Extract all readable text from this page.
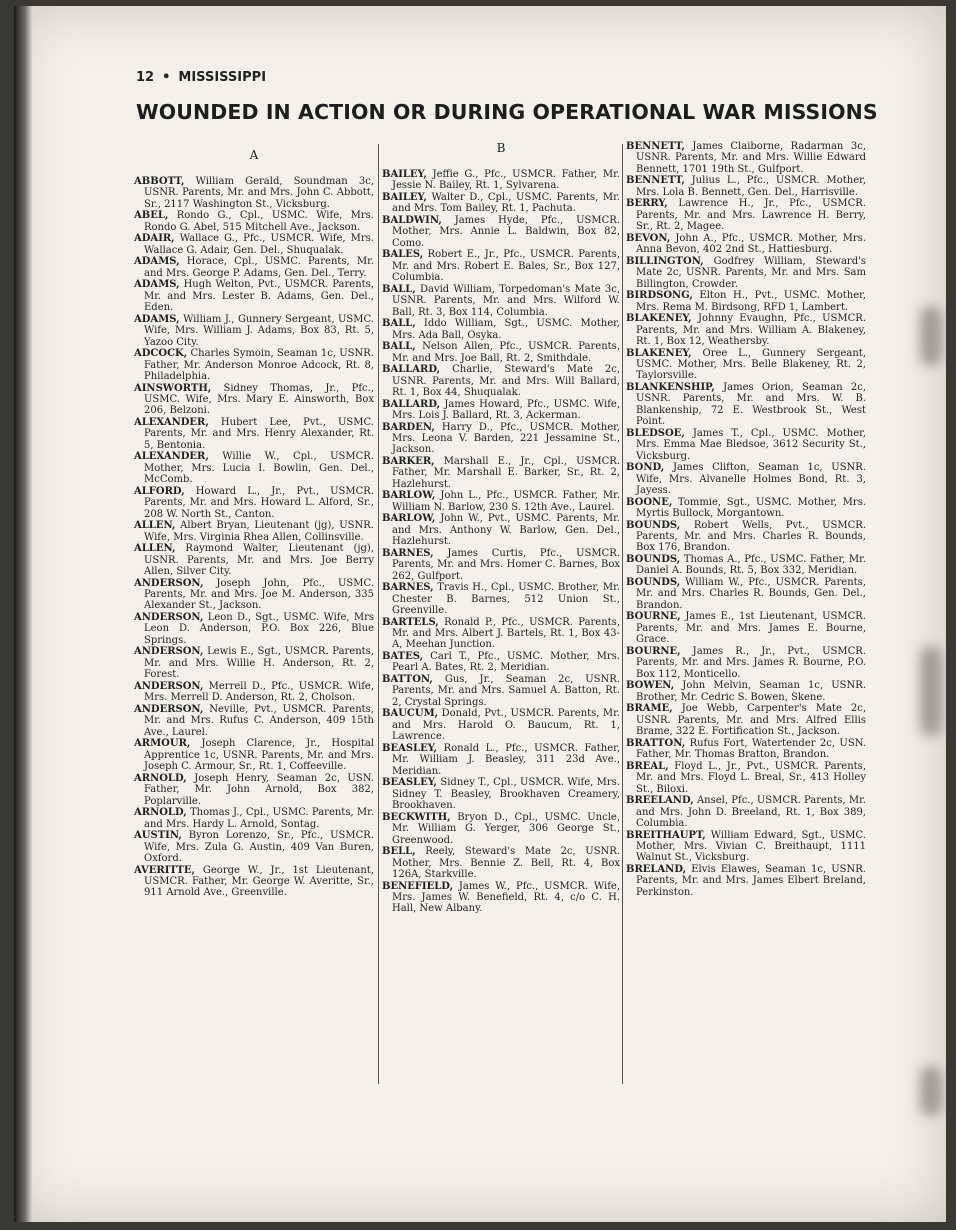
12 • MISSISSIPPI
WOUNDED IN ACTION OR DURING OPERATIONAL WAR MISSIONS
A
ABBOTT, William Gerald, Soundman 3c, USNR. Parents, Mr. and Mrs. John C. Abbott, Sr., 2117 Washington St., Vicksburg.
ABEL, Rondo G., Cpl., USMC. Wife, Mrs. Rondo G. Abel, 515 Mitchell Ave., Jackson.
ADAIR, Wallace G., Pfc., USMCR. Wife, Mrs. Wallace G. Adair, Gen. Del., Shuqualak.
ADAMS, Horace, Cpl., USMC. Parents, Mr. and Mrs. George P. Adams, Gen. Del., Terry.
ADAMS, Hugh Welton, Pvt., USMCR. Parents, Mr. and Mrs. Lester B. Adams, Gen. Del., Eden.
ADAMS, William J., Gunnery Sergeant, USMC. Wife, Mrs. William J. Adams, Box 83, Rt. 5, Yazoo City.
ADCOCK, Charles Symoin, Seaman 1c, USNR. Father, Mr. Anderson Monroe Adcock, Rt. 8, Philadelphia.
AINSWORTH, Sidney Thomas, Jr., Pfc., USMC. Wife, Mrs. Mary E. Ainsworth, Box 206, Belzoni.
ALEXANDER, Hubert Lee, Pvt., USMC. Parents, Mr. and Mrs. Henry Alexander, Rt. 5, Bentonia.
ALEXANDER, Willie W., Cpl., USMCR. Mother, Mrs. Lucia I. Bowlin, Gen. Del., McComb.
ALFORD, Howard L., Jr., Pvt., USMCR. Parents, Mr. and Mrs. Howard L. Alford, Sr., 208 W. North St., Canton.
ALLEN, Albert Bryan, Lieutenant (jg), USNR. Wife, Mrs. Virginia Rhea Allen, Collinsville.
ALLEN, Raymond Walter, Lieutenant (jg), USNR. Parents, Mr. and Mrs. Joe Berry Allen, Silver City.
ANDERSON, Joseph John, Pfc., USMC. Parents, Mr. and Mrs. Joe M. Anderson, 335 Alexander St., Jackson.
ANDERSON, Leon D., Sgt., USMC. Wife, Mrs Leon D. Anderson, P.O. Box 226, Blue Springs.
ANDERSON, Lewis E., Sgt., USMCR. Parents, Mr. and Mrs. Willie H. Anderson, Rt. 2, Forest.
ANDERSON, Merrell D., Pfc., USMCR. Wife, Mrs. Merrell D. Anderson, Rt. 2, Cholson.
ANDERSON, Neville, Pvt., USMCR. Parents, Mr. and Mrs. Rufus C. Anderson, 409 15th Ave., Laurel.
ARMOUR, Joseph Clarence, Jr., Hospital Apprentice 1c, USNR. Parents, Mr. and Mrs. Joseph C. Armour, Sr., Rt. 1, Coffeeville.
ARNOLD, Joseph Henry, Seaman 2c, USN. Father, Mr. John Arnold, Box 382, Poplarville.
ARNOLD, Thomas J., Cpl., USMC. Parents, Mr. and Mrs. Hardy L. Arnold, Sontag.
AUSTIN, Byron Lorenzo, Sr., Pfc., USMCR. Wife, Mrs. Zula G. Austin, 409 Van Buren, Oxford.
AVERITTE, George W., Jr., 1st Lieutenant, USMCR. Father, Mr. George W. Averitte, Sr., 911 Arnold Ave., Greenville.
B
BAILEY, Jeffie G., Pfc., USMCR. Father, Mr. Jessie N. Bailey, Rt. 1, Sylvarena.
BAILEY, Walter D., Cpl., USMC. Parents, Mr. and Mrs. Tom Bailey, Rt. 1, Pachuta.
BALDWIN, James Hyde, Pfc., USMCR. Mother, Mrs. Annie L. Baldwin, Box 82, Como.
BALES, Robert E., Jr., Pfc., USMCR. Parents, Mr. and Mrs. Robert E. Bales, Sr., Box 127, Columbia.
BALL, David William, Torpedoman's Mate 3c, USNR. Parents, Mr. and Mrs. Wilford W. Ball, Rt. 3, Box 114, Columbia.
BALL, Iddo William, Sgt., USMC. Mother, Mrs. Ada Ball, Osyka.
BALL, Nelson Allen, Pfc., USMCR. Parents, Mr. and Mrs. Joe Ball, Rt. 2, Smithdale.
BALLARD, Charlie, Steward's Mate 2c, USNR. Parents, Mr. and Mrs. Will Ballard, Rt. 1, Box 44, Shuqualak.
BALLARD, James Howard, Pfc., USMC. Wife, Mrs. Lois J. Ballard, Rt. 3, Ackerman.
BARDEN, Harry D., Pfc., USMCR. Mother, Mrs. Leona V. Barden, 221 Jessamine St., Jackson.
BARKER, Marshall E., Jr., Cpl., USMCR. Father, Mr. Marshall E. Barker, Sr., Rt. 2, Hazlehurst.
BARLOW, John L., Pfc., USMCR. Father, Mr. William N. Barlow, 230 S. 12th Ave., Laurel.
BARLOW, John W., Pvt., USMC. Parents, Mr. and Mrs. Anthony W. Barlow, Gen. Del., Hazlehurst.
BARNES, James Curtis, Pfc., USMCR. Parents, Mr. and Mrs. Homer C. Barnes, Box 262, Gulfport.
BARNES, Travis H., Cpl., USMC. Brother, Mr. Chester B. Barnes, 512 Union St., Greenville.
BARTELS, Ronald P., Pfc., USMCR. Parents, Mr. and Mrs. Albert J. Bartels, Rt. 1, Box 43-A, Meehan Junction.
BATES, Carl T., Pfc., USMC. Mother, Mrs. Pearl A. Bates, Rt. 2, Meridian.
BATTON, Gus, Jr., Seaman 2c, USNR. Parents, Mr. and Mrs. Samuel A. Batton, Rt. 2, Crystal Springs.
BAUCUM, Donald, Pvt., USMCR. Parents, Mr. and Mrs. Harold O. Baucum, Rt. 1, Lawrence.
BEASLEY, Ronald L., Pfc., USMCR. Father, Mr. William J. Beasley, 311 23d Ave., Meridian.
BEASLEY, Sidney T., Cpl., USMCR. Wife, Mrs. Sidney T. Beasley, Brookhaven Creamery, Brookhaven.
BECKWITH, Bryon D., Cpl., USMC. Uncle, Mr. William G. Yerger, 306 George St., Greenwood.
BELL, Reely, Steward's Mate 2c, USNR. Mother, Mrs. Bennie Z. Bell, Rt. 4, Box 126A, Starkville.
BENEFIELD, James W., Pfc., USMCR. Wife, Mrs. James W. Benefield, Rt. 4, c/o C. H. Hall, New Albany.
BENNETT, James Claiborne, Radarman 3c, USNR. Parents, Mr. and Mrs. Willie Edward Bennett, 1701 19th St., Gulfport.
BENNETT, Julius L., Pfc., USMCR. Mother, Mrs. Lola B. Bennett, Gen. Del., Harrisville.
BERRY, Lawrence H., Jr., Pfc., USMCR. Parents, Mr. and Mrs. Lawrence H. Berry, Sr., Rt. 2, Magee.
BEVON, John A., Pfc., USMCR. Mother, Mrs. Anna Bevon, 402 2nd St., Hattiesburg.
BILLINGTON, Godfrey William, Steward's Mate 2c, USNR. Parents, Mr. and Mrs. Sam Billington, Crowder.
BIRDSONG, Elton H., Pvt., USMC. Mother, Mrs. Rema M. Birdsong, RFD 1, Lambert.
BLAKENEY, Johnny Evaughn, Pfc., USMCR. Parents, Mr. and Mrs. William A. Blakeney, Rt. 1, Box 12, Weathersby.
BLAKENEY, Oree L., Gunnery Sergeant, USMC. Mother, Mrs. Belle Blakeney, Rt. 2, Taylorsville.
BLANKENSHIP, James Orion, Seaman 2c, USNR. Parents, Mr. and Mrs. W. B. Blankenship, 72 E. Westbrook St., West Point.
BLEDSOE, James T., Cpl., USMC. Mother, Mrs. Emma Mae Bledsoe, 3612 Security St., Vicksburg.
BOND, James Clifton, Seaman 1c, USNR. Wife, Mrs. Alvanelle Holmes Bond, Rt. 3, Jayess.
BOONE, Tommie, Sgt., USMC. Mother, Mrs. Myrtis Bullock, Morgantown.
BOUNDS, Robert Wells, Pvt., USMCR. Parents, Mr. and Mrs. Charles R. Bounds, Box 176, Brandon.
BOUNDS, Thomas A., Pfc., USMC. Father, Mr. Daniel A. Bounds, Rt. 5, Box 332, Meridian.
BOUNDS, William W., Pfc., USMCR. Parents, Mr. and Mrs. Charles R. Bounds, Gen. Del., Brandon.
BOURNE, James E., 1st Lieutenant, USMCR. Parents, Mr. and Mrs. James E. Bourne, Grace.
BOURNE, James R., Jr., Pvt., USMCR. Parents, Mr. and Mrs. James R. Bourne, P.O. Box 112, Monticello.
BOWEN, John Melvin, Seaman 1c, USNR. Brother, Mr. Cedric S. Bowen, Skene.
BRAME, Joe Webb, Carpenter's Mate 2c, USNR. Parents, Mr. and Mrs. Alfred Ellis Brame, 322 E. Fortification St., Jackson.
BRATTON, Rufus Fort, Watertender 2c, USN. Father, Mr. Thomas Bratton, Brandon.
BREAL, Floyd L., Jr., Pvt., USMCR. Parents, Mr. and Mrs. Floyd L. Breal, Sr., 413 Holley St., Biloxi.
BREELAND, Ansel, Pfc., USMCR. Parents, Mr. and Mrs. John D. Breeland, Rt. 1, Box 389, Columbia.
BREITHAUPT, William Edward, Sgt., USMC. Mother, Mrs. Vivian C. Breithaupt, 1111 Walnut St., Vicksburg.
BRELAND, Elvis Elawes, Seaman 1c, USNR. Parents, Mr. and Mrs. James Elbert Breland, Perkinston.
